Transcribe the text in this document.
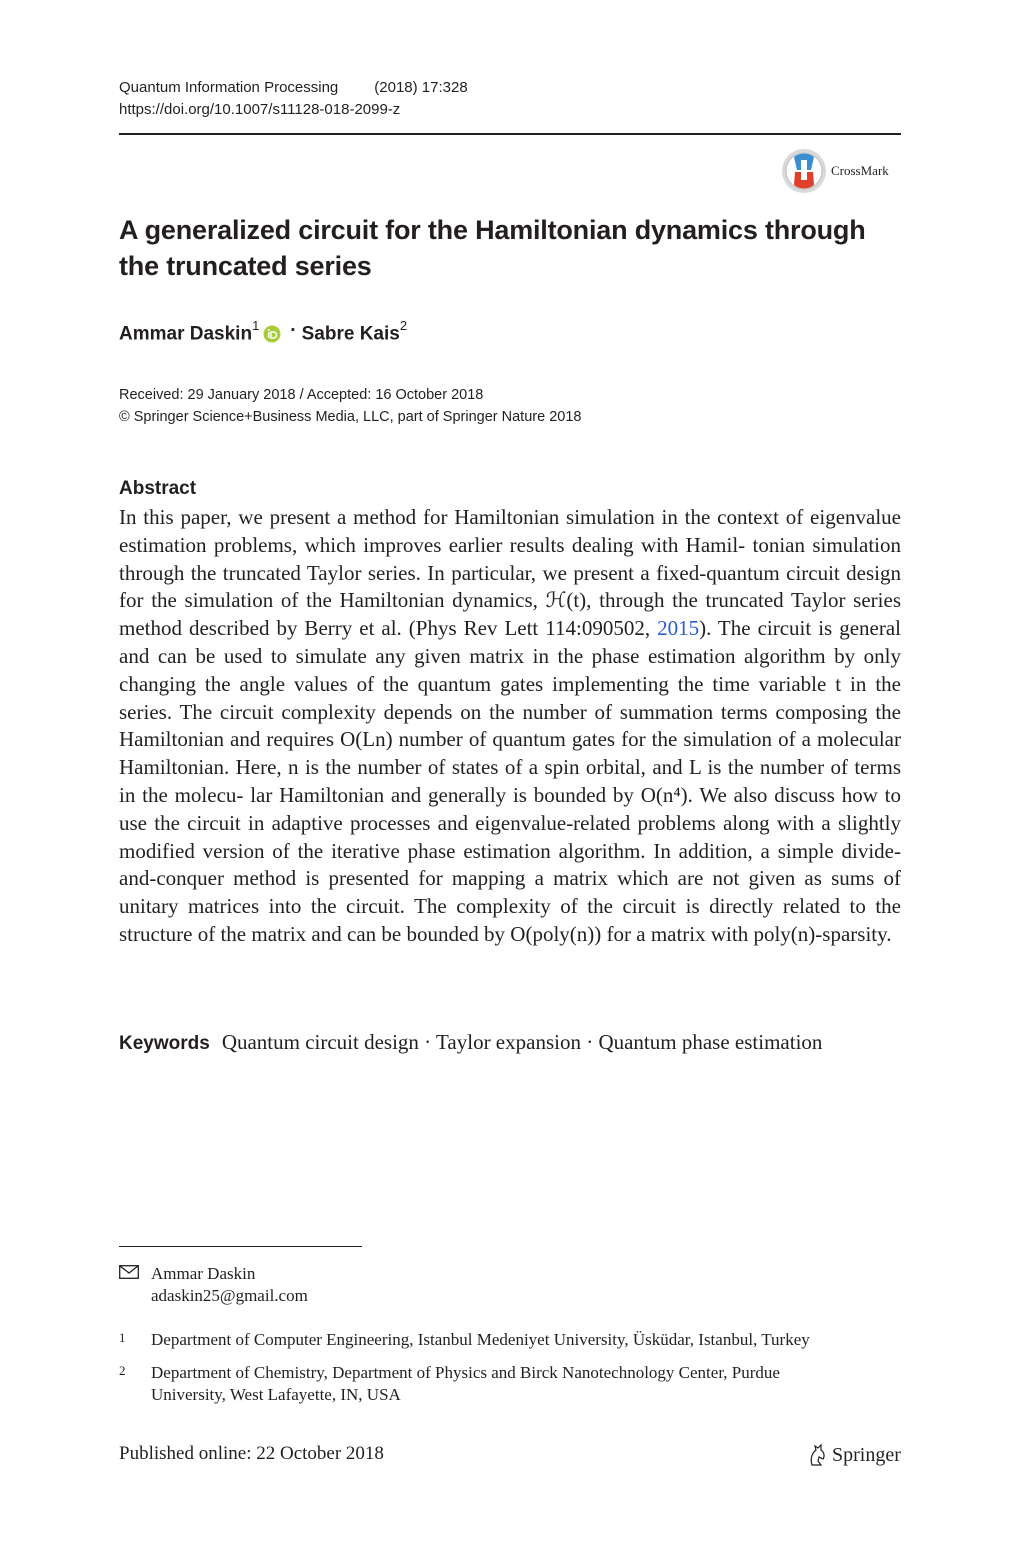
Quantum Information Processing (2018) 17:328
https://doi.org/10.1007/s11128-018-2099-z
CrossMark
A generalized circuit for the Hamiltonian dynamics through the truncated series
Ammar Daskin$^1$ · Sabre Kais$^2$
Received: 29 January 2018 / Accepted: 16 October 2018
© Springer Science+Business Media, LLC, part of Springer Nature 2018
Abstract

In this paper, we present a method for Hamiltonian simulation in the context of eigenvalue estimation problems, which improves earlier results dealing with Hamil- tonian simulation through the truncated Taylor series. In particular, we present a fixed-quantum circuit design for the simulation of the Hamiltonian dynamics, ℋ(t), through the truncated Taylor series method described by Berry et al. (Phys Rev Lett 114:090502, 2015). The circuit is general and can be used to simulate any given matrix in the phase estimation algorithm by only changing the angle values of the quantum gates implementing the time variable t in the series. The circuit complexity depends on the number of summation terms composing the Hamiltonian and requires O(Ln) number of quantum gates for the simulation of a molecular Hamiltonian. Here, n is the number of states of a spin orbital, and L is the number of terms in the molecu- lar Hamiltonian and generally is bounded by O(n⁴). We also discuss how to use the circuit in adaptive processes and eigenvalue-related problems along with a slightly modified version of the iterative phase estimation algorithm. In addition, a simple divide-and-conquer method is presented for mapping a matrix which are not given as sums of unitary matrices into the circuit. The complexity of the circuit is directly related to the structure of the matrix and can be bounded by O(poly(n)) for a matrix with poly(n)-sparsity.

Keywords Quantum circuit design · Taylor expansion · Quantum phase estimation
Ammar Daskin
adaskin25@gmail.com
1 Department of Computer Engineering, Istanbul Medeniyet University, Üsküdar, Istanbul, Turkey
2 Department of Chemistry, Department of Physics and Birck Nanotechnology Center, Purdue University, West Lafayette, IN, USA
Published online: 22 October 2018	Springer
